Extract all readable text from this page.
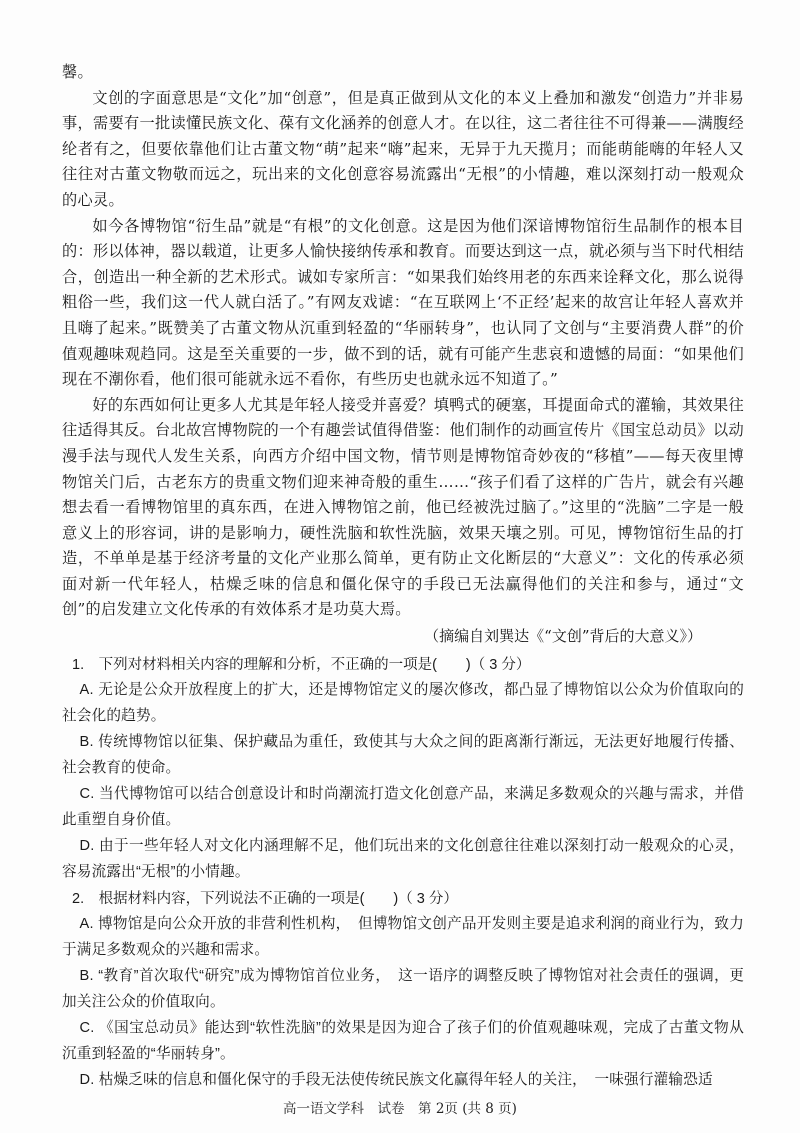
馨。

文创的字面意思是“文化”加“创意”，但是真正做到从文化的本义上叠加和激发“创造力”并非易事，需要有一批读懂民族文化、葆有文化涵养的创意人才。在以往，这二者往往不可得兼——满腹经纶者有之，但要依靠他们让古董文物“萌”起来“嗨”起来，无异于九天揽月；而能萌能嗨的年轻人又往往对古董文物敬而远之，玩出来的文化创意容易流露出“无根”的小情趣，难以深刻打动一般观众的心灵。

如今各博物馆“衍生品”就是“有根”的文化创意。这是因为他们深谙博物馆衍生品制作的根本目的：形以体神，器以载道，让更多人愉快接纳传承和教育。而要达到这一点，就必须与当下时代相结合，创造出一种全新的艺术形式。诚如专家所言：“如果我们始终用老的东西来诠释文化，那么说得粗俗一些，我们这一代人就白活了。”有网友戏谑：“在互联网上‘不正经’起来的故宫让年轻人喜欢并且嗨了起来。”既赞美了古董文物从沉重到轻盈的“华丽转身”，也认同了文创与“主要消费人群”的价值观趣味观趋同。这是至关重要的一步，做不到的话，就有可能产生悲哀和遗憾的局面：“如果他们现在不潮你看，他们很可能就永远不看你，有些历史也就永远不知道了。”

好的东西如何让更多人尤其是年轻人接受并喜爱？填鸭式的硬塞，耳提面命式的灌输，其效果往往适得其反。台北故宫博物院的一个有趣尝试值得借鉴：他们制作的动画宣传片《国宝总动员》以动漫手法与现代人发生关系，向西方介绍中国文物，情节则是博物馆奇妙夜的“移植”——每天夜里博物馆关门后，古老东方的贵重文物们迎来神奇般的重生……“孩子们看了这样的广告片，就会有兴趣想去看一看博物馆里的真东西，在进入博物馆之前，他已经被洗过脑了。”这里的“洗脑”二字是一般意义上的形容词，讲的是影响力，硬性洗脑和软性洗脑，效果天壤之别。可见，博物馆衍生品的打造，不单单是基于经济考量的文化产业那么简单，更有防止文化断层的“大意义”：文化的传承必须面对新一代年轻人，枯燥乏味的信息和僵化保守的手段已无法赢得他们的关注和参与，通过“文创”的启发建立文化传承的有效体系才是功莫大焉。

（摘编自刘巽达《“文创”背后的大意义》）

1.　下列对材料相关内容的理解和分析，不正确的一项是(　　)（ 3 分）

A. 无论是公众开放程度上的扩大，还是博物馆定义的屡次修改，都凸显了博物馆以公众为价值取向的社会化的趋势。

B. 传统博物馆以征集、保护藏品为重任，致使其与大众之间的距离渐行渐远，无法更好地履行传播、社会教育的使命。

C. 当代博物馆可以结合创意设计和时尚潮流打造文化创意产品，来满足多数观众的兴趣与需求，并借此重塑自身价值。

D. 由于一些年轻人对文化内涵理解不足，他们玩出来的文化创意往往难以深刻打动一般观众的心灵，容易流露出“无根”的小情趣。

2.　根据材料内容，下列说法不正确的一项是(　　)（ 3 分）

A. 博物馆是向公众开放的非营利性机构，　但博物馆文创产品开发则主要是追求利润的商业行为，致力于满足多数观众的兴趣和需求。

B. “教育”首次取代“研究”成为博物馆首位业务，　这一语序的调整反映了博物馆对社会责任的强调，更加关注公众的价值取向。

C. 《国宝总动员》能达到“软性洗脑”的效果是因为迎合了孩子们的价值观趣味观，完成了古董文物从沉重到轻盈的“华丽转身”。

D. 枯燥乏味的信息和僵化保守的手段无法使传统民族文化赢得年轻人的关注，　一味强行灌输恐适

高一语文学科　试卷　第 2页 (共 8 页)
